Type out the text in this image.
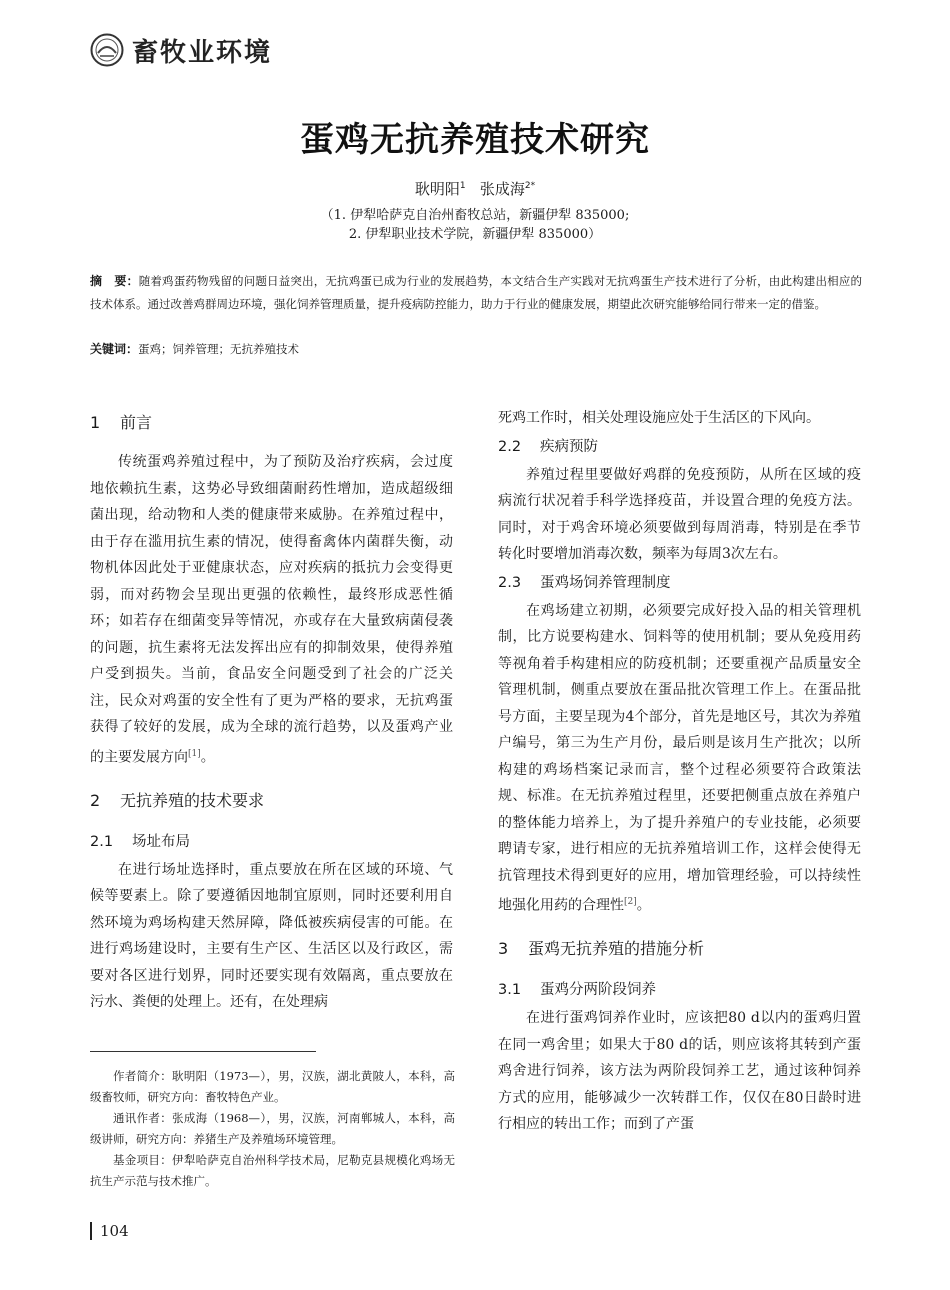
畜牧业环境
蛋鸡无抗养殖技术研究
耿明阳$^1$ 张成海$^{2*}$
（1. 伊犁哈萨克自治州畜牧总站，新疆伊犁 835000;
2. 伊犁职业技术学院，新疆伊犁 835000）
摘　要：随着鸡蛋药物残留的问题日益突出，无抗鸡蛋已成为行业的发展趋势，本文结合生产实践对无抗鸡蛋生产技术进行了分析，由此构建出相应的技术体系。通过改善鸡群周边环境，强化饲养管理质量，提升疫病防控能力，助力于行业的健康发展，期望此次研究能够给同行带来一定的借鉴。
关键词：蛋鸡；饲养管理；无抗养殖技术
1 前言

传统蛋鸡养殖过程中，为了预防及治疗疾病，会过度地依赖抗生素，这势必导致细菌耐药性增加，造成超级细菌出现，给动物和人类的健康带来威胁。在养殖过程中，由于存在滥用抗生素的情况，使得畜禽体内菌群失衡，动物机体因此处于亚健康状态，应对疾病的抵抗力会变得更弱，而对药物会呈现出更强的依赖性，最终形成恶性循环；如若存在细菌变异等情况，亦或存在大量致病菌侵袭的问题，抗生素将无法发挥出应有的抑制效果，使得养殖户受到损失。当前，食品安全问题受到了社会的广泛关注，民众对鸡蛋的安全性有了更为严格的要求，无抗鸡蛋获得了较好的发展，成为全球的流行趋势，以及蛋鸡产业的主要发展方向[1]。

2 无抗养殖的技术要求
2.1 场址布局

在进行场址选择时，重点要放在所在区域的环境、气候等要素上。除了要遵循因地制宜原则，同时还要利用自然环境为鸡场构建天然屏障，降低被疾病侵害的可能。在进行鸡场建设时，主要有生产区、生活区以及行政区，需要对各区进行划界，同时还要实现有效隔离，重点要放在污水、粪便的处理上。还有，在处理病

死鸡工作时，相关处理设施应处于生活区的下风向。

2.2 疾病预防

养殖过程里要做好鸡群的免疫预防，从所在区域的疫病流行状况着手科学选择疫苗，并设置合理的免疫方法。同时，对于鸡舍环境必须要做到每周消毒，特别是在季节转化时要增加消毒次数，频率为每周3次左右。

2.3 蛋鸡场饲养管理制度

在鸡场建立初期，必须要完成好投入品的相关管理机制，比方说要构建水、饲料等的使用机制；要从免疫用药等视角着手构建相应的防疫机制；还要重视产品质量安全管理机制，侧重点要放在蛋品批次管理工作上。在蛋品批号方面，主要呈现为4个部分，首先是地区号，其次为养殖户编号，第三为生产月份，最后则是该月生产批次；以所构建的鸡场档案记录而言，整个过程必须要符合政策法规、标准。在无抗养殖过程里，还要把侧重点放在养殖户的整体能力培养上，为了提升养殖户的专业技能，必须要聘请专家，进行相应的无抗养殖培训工作，这样会使得无抗管理技术得到更好的应用，增加管理经验，可以持续性地强化用药的合理性[2]。

3 蛋鸡无抗养殖的措施分析
3.1 蛋鸡分两阶段饲养

在进行蛋鸡饲养作业时，应该把80 d以内的蛋鸡归置在同一鸡舍里；如果大于80 d的话，则应该将其转到产蛋鸡舍进行饲养，该方法为两阶段饲养工艺，通过该种饲养方式的应用，能够减少一次转群工作，仅仅在80日龄时进行相应的转出工作；而到了产蛋

作者简介：耿明阳（1973—），男，汉族，湖北黄陂人，本科，高级畜牧师，研究方向：畜牧特色产业。

通讯作者：张成海（1968—），男，汉族，河南郸城人，本科，高级讲师，研究方向：养猪生产及养殖场环境管理。

基金项目：伊犁哈萨克自治州科学技术局，尼勒克县规模化鸡场无抗生产示范与技术推广。

104
